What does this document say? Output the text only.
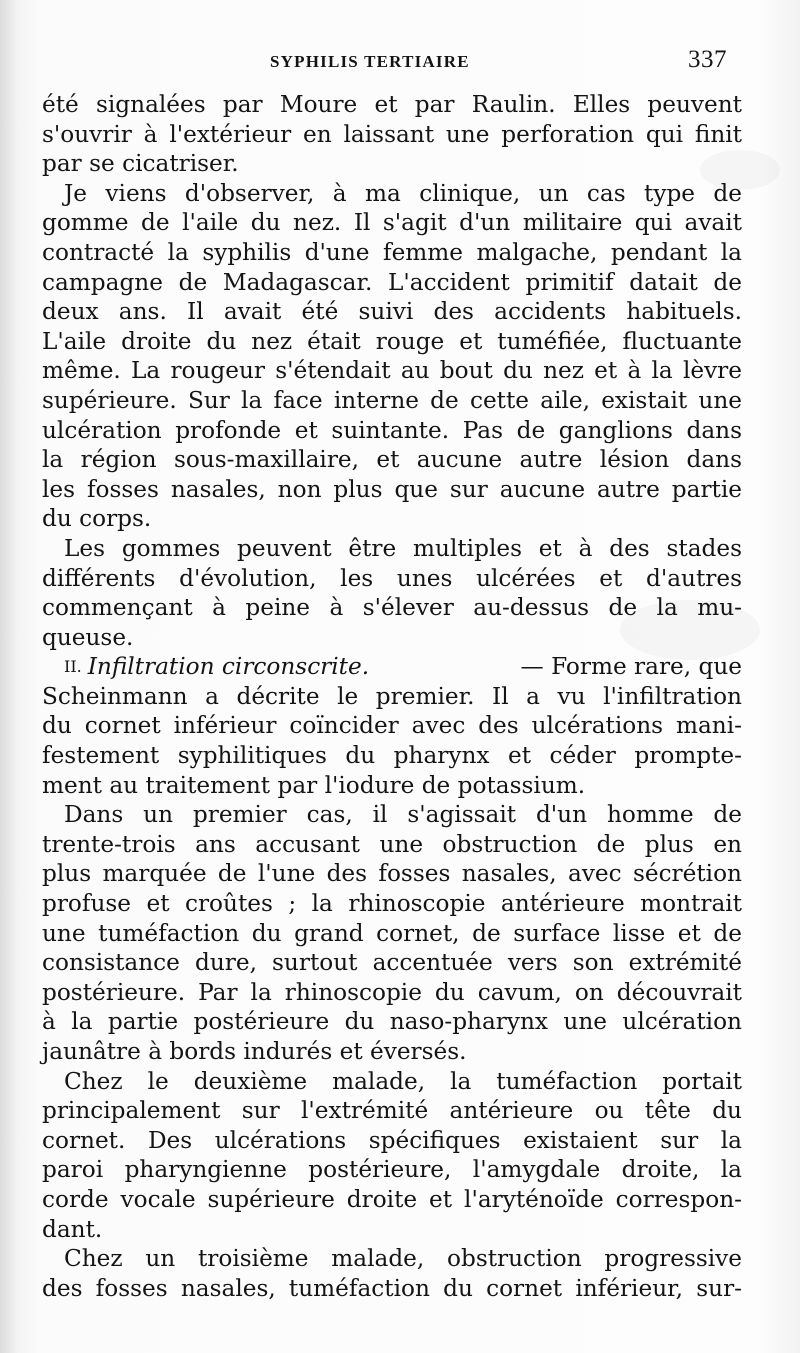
SYPHILIS TERTIAIRE	337
été signalées par Moure et par Raulin. Elles peuvent
s'ouvrir à l'extérieur en laissant une perforation qui finit
par se cicatriser.
Je viens d'observer, à ma clinique, un cas type de
gomme de l'aile du nez. Il s'agit d'un militaire qui avait
contracté la syphilis d'une femme malgache, pendant la
campagne de Madagascar. L'accident primitif datait de
deux ans. Il avait été suivi des accidents habituels.
L'aile droite du nez était rouge et tuméfiée, fluctuante
même. La rougeur s'étendait au bout du nez et à la lèvre
supérieure. Sur la face interne de cette aile, existait une
ulcération profonde et suintante. Pas de ganglions dans
la région sous-maxillaire, et aucune autre lésion dans
les fosses nasales, non plus que sur aucune autre partie
du corps.
Les gommes peuvent être multiples et à des stades
différents d'évolution, les unes ulcérées et d'autres
commençant à peine à s'élever au-dessus de la mu-
queuse.
II. Infiltration circonscrite.	— Forme rare, que
Scheinmann a décrite le premier. Il a vu l'infiltration
du cornet inférieur coïncider avec des ulcérations mani-
festement syphilitiques du pharynx et céder prompte-
ment au traitement par l'iodure de potassium.
Dans un premier cas, il s'agissait d'un homme de
trente-trois ans accusant une obstruction de plus en
plus marquée de l'une des fosses nasales, avec sécrétion
profuse et croûtes ; la rhinoscopie antérieure montrait
une tuméfaction du grand cornet, de surface lisse et de
consistance dure, surtout accentuée vers son extrémité
postérieure. Par la rhinoscopie du cavum, on découvrait
à la partie postérieure du naso-pharynx une ulcération
jaunâtre à bords indurés et éversés.
Chez le deuxième malade, la tuméfaction portait
principalement sur l'extrémité antérieure ou tête du
cornet. Des ulcérations spécifiques existaient sur la
paroi pharyngienne postérieure, l'amygdale droite, la
corde vocale supérieure droite et l'aryténoïde correspon-
dant.
Chez un troisième malade, obstruction progressive
des fosses nasales, tuméfaction du cornet inférieur, sur-
